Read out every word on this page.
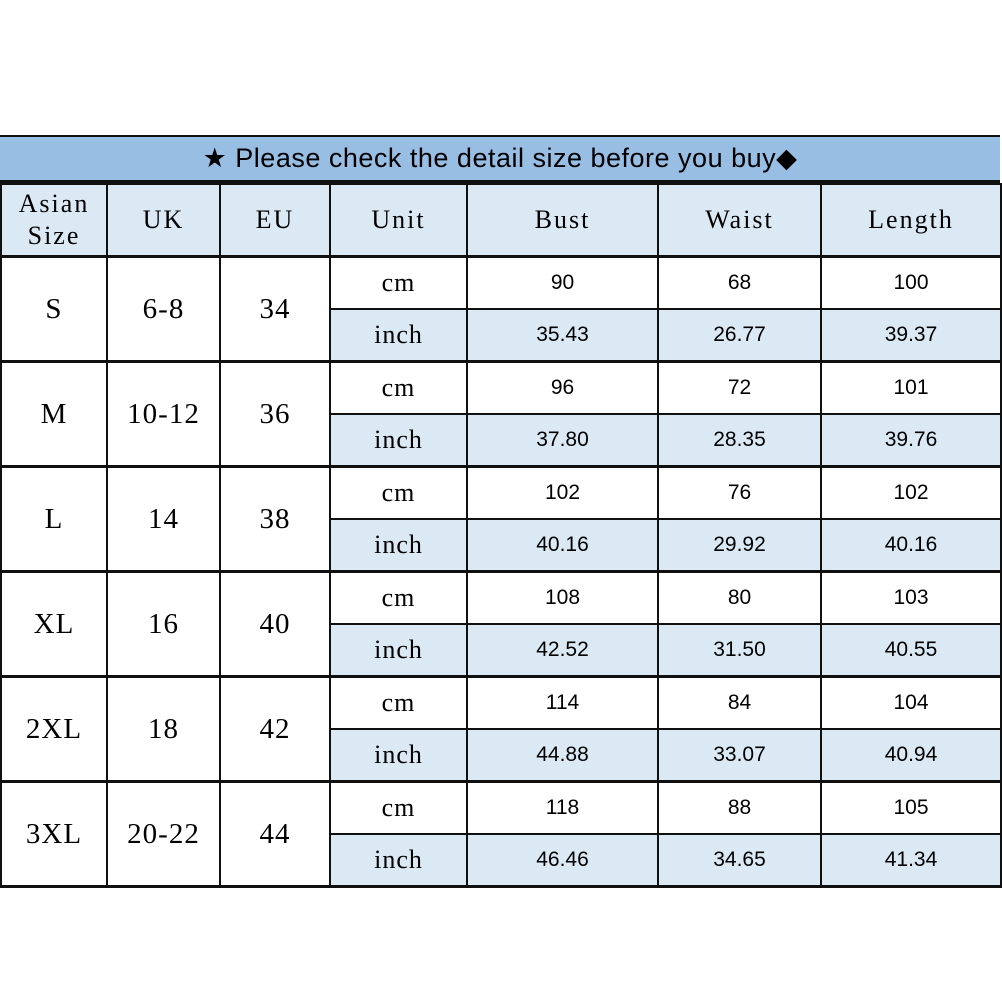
★ Please check the detail size before you buy◆
Asian Size	UK	EU	Unit	Bust	Waist	Length
S	6-8	34	cm	90	68	100
			inch	35.43	26.77	39.37
M	10-12	36	cm	96	72	101
			inch	37.80	28.35	39.76
L	14	38	cm	102	76	102
			inch	40.16	29.92	40.16
XL	16	40	cm	108	80	103
			inch	42.52	31.50	40.55
2XL	18	42	cm	114	84	104
			inch	44.88	33.07	40.94
3XL	20-22	44	cm	118	88	105
			inch	46.46	34.65	41.34
